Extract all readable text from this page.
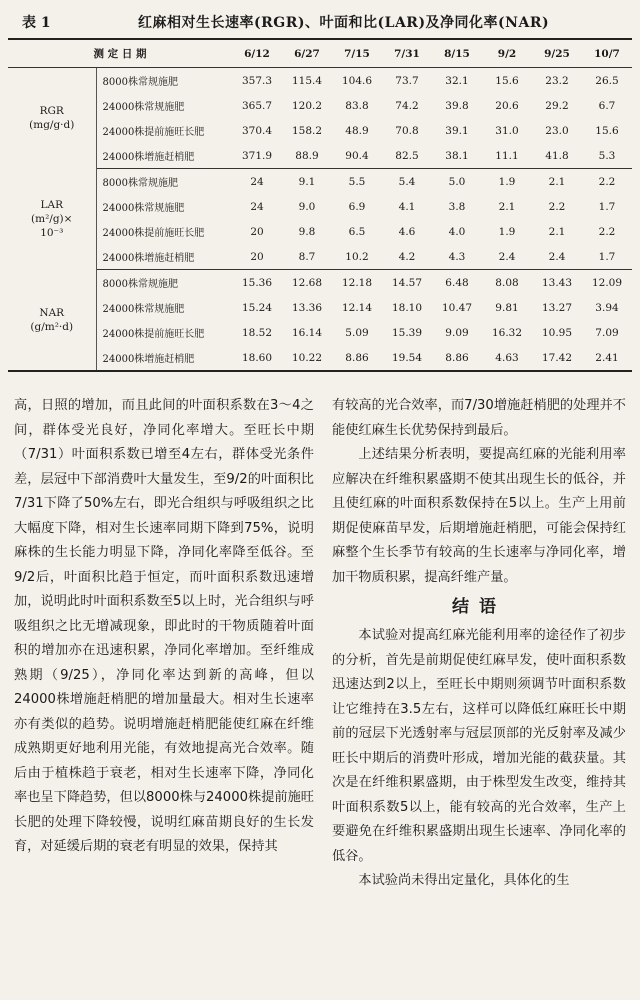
表 1	红麻相对生长速率(RGR)、叶面和比(LAR)及净同化率(NAR)
测 定 日 期		6/12	6/27	7/15	7/31	8/15	9/2	9/25	10/7

RGR
(mg/g·d)	8000株常规施肥	357.3	115.4	104.6	73.7	32.1	15.6	23.2	26.5
	24000株常规施肥	365.7	120.2	83.8	74.2	39.8	20.6	29.2	6.7
	24000株提前施旺长肥	370.4	158.2	48.9	70.8	39.1	31.0	23.0	15.6
	24000株增施赶梢肥	371.9	88.9	90.4	82.5	38.1	11.1	41.8	5.3

LAR
(m²/g)×
10⁻³	8000株常规施肥	24	9.1	5.5	5.4	5.0	1.9	2.1	2.2
	24000株常规施肥	24	9.0	6.9	4.1	3.8	2.1	2.2	1.7
	24000株提前施旺长肥	20	9.8	6.5	4.6	4.0	1.9	2.1	2.2
	24000株增施赶梢肥	20	8.7	10.2	4.2	4.3	2.4	2.4	1.7

NAR
(g/m²·d)	8000株常规施肥	15.36	12.68	12.18	14.57	6.48	8.08	13.43	12.09
	24000株常规施肥	15.24	13.36	12.14	18.10	10.47	9.81	13.27	3.94
	24000株提前施旺长肥	18.52	16.14	5.09	15.39	9.09	16.32	10.95	7.09
	24000株增施赶梢肥	18.60	10.22	8.86	19.54	8.86	4.63	17.42	2.41

高，日照的增加，而且此间的叶面积系数在3～4之间，群体受光良好，净同化率增大。至旺长中期（7/31）叶面积系数已增至4左右，群体受光条件差，层冠中下部消费叶大量发生，至9/2的叶面积比7/31下降了50%左右，即光合组织与呼吸组织之比大幅度下降，相对生长速率同期下降到75%，说明麻株的生长能力明显下降，净同化率降至低谷。至9/2后，叶面积比趋于恒定，而叶面积系数迅速增加，说明此时叶面积系数至5以上时，光合组织与呼吸组织之比无增减现象，即此时的干物质随着叶面积的增加亦在迅速积累，净同化率增加。至纤维成熟期（9/25），净同化率达到新的高峰，但以24000株增施赶梢肥的增加量最大。相对生长速率亦有类似的趋势。说明增施赶梢肥能使红麻在纤维成熟期更好地利用光能，有效地提高光合效率。随后由于植株趋于衰老，相对生长速率下降，净同化率也呈下降趋势，但以8000株与24000株提前施旺长肥的处理下降较慢，说明红麻苗期良好的生长发育，对延缓后期的衰老有明显的效果，保持其

有较高的光合效率，而7/30增施赶梢肥的处理并不能使红麻生长优势保持到最后。

上述结果分析表明，要提高红麻的光能利用率应解决在纤维积累盛期不使其出现生长的低谷，并且使红麻的叶面积系数保持在5以上。生产上用前期促使麻苗早发，后期增施赶梢肥，可能会保持红麻整个生长季节有较高的生长速率与净同化率，增加干物质积累，提高纤维产量。

结语

本试验对提高红麻光能利用率的途径作了初步的分析，首先是前期促使红麻早发，使叶面积系数迅速达到2以上，至旺长中期则须调节叶面积系数让它维持在3.5左右，这样可以降低红麻旺长中期前的冠层下光透射率与冠层顶部的光反射率及减少旺长中期后的消费叶形成，增加光能的截获量。其次是在纤维积累盛期，由于株型发生改变，维持其叶面积系数5以上，能有较高的光合效率，生产上要避免在纤维积累盛期出现生长速率、净同化率的低谷。

本试验尚未得出定量化，具体化的生
